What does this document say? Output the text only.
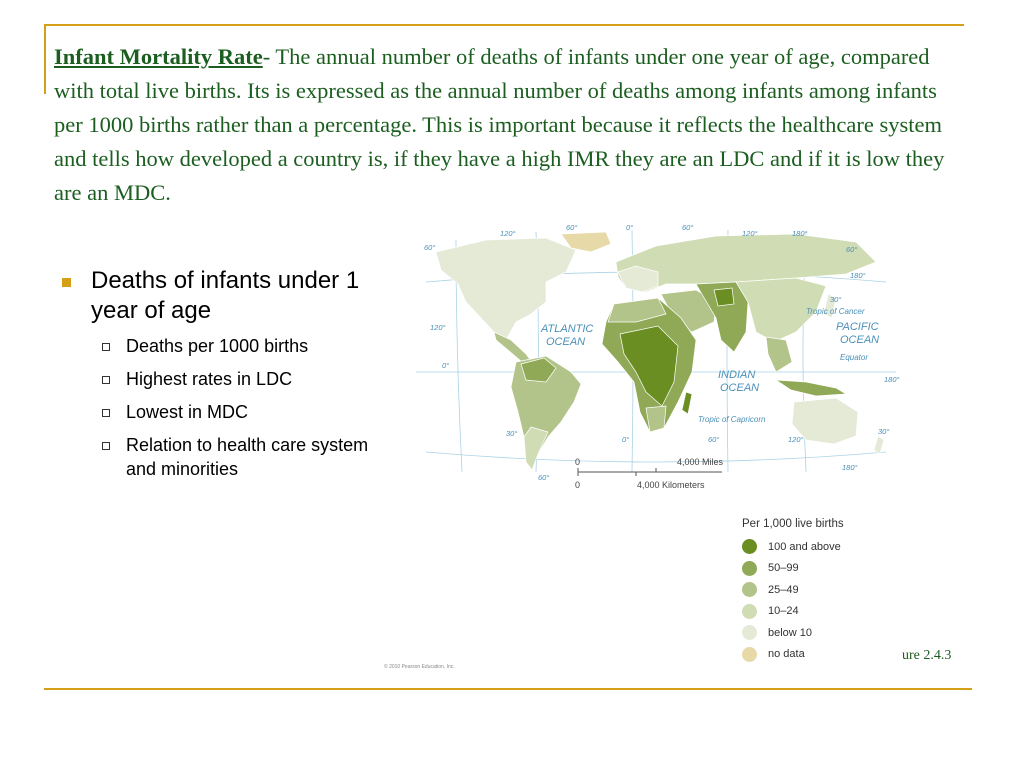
Infant Mortality Rate- The annual number of deaths of infants under one year of age, compared with total live births. Its is expressed as the annual number of deaths among infants among infants per 1000 births rather than a percentage. This is important because it reflects the healthcare system and tells how developed a country is, if they have a high IMR they are an LDC and if it is low they are an MDC.
Deaths of infants under 1 year of age
Deaths per 1000 births
Highest rates in LDC
Lowest in MDC
Relation to health care system and minorities
ATLANTIC
OCEAN
PACIFIC
OCEAN
INDIAN
OCEAN
Tropic of Cancer
Tropic of Capricorn
Equator
120°
60°	0°	60°
120°	180°
60°
120°
0°
30°
60°
60°
180°
30°
180°
30°
180°
0°	60°	120°
0	4,000 Miles
0	4,000 Kilometers
Per 1,000 live births
100 and above
50–99
25–49
10–24
below 10
no data	ure 2.4.3
© 2010 Pearson Education, Inc.
